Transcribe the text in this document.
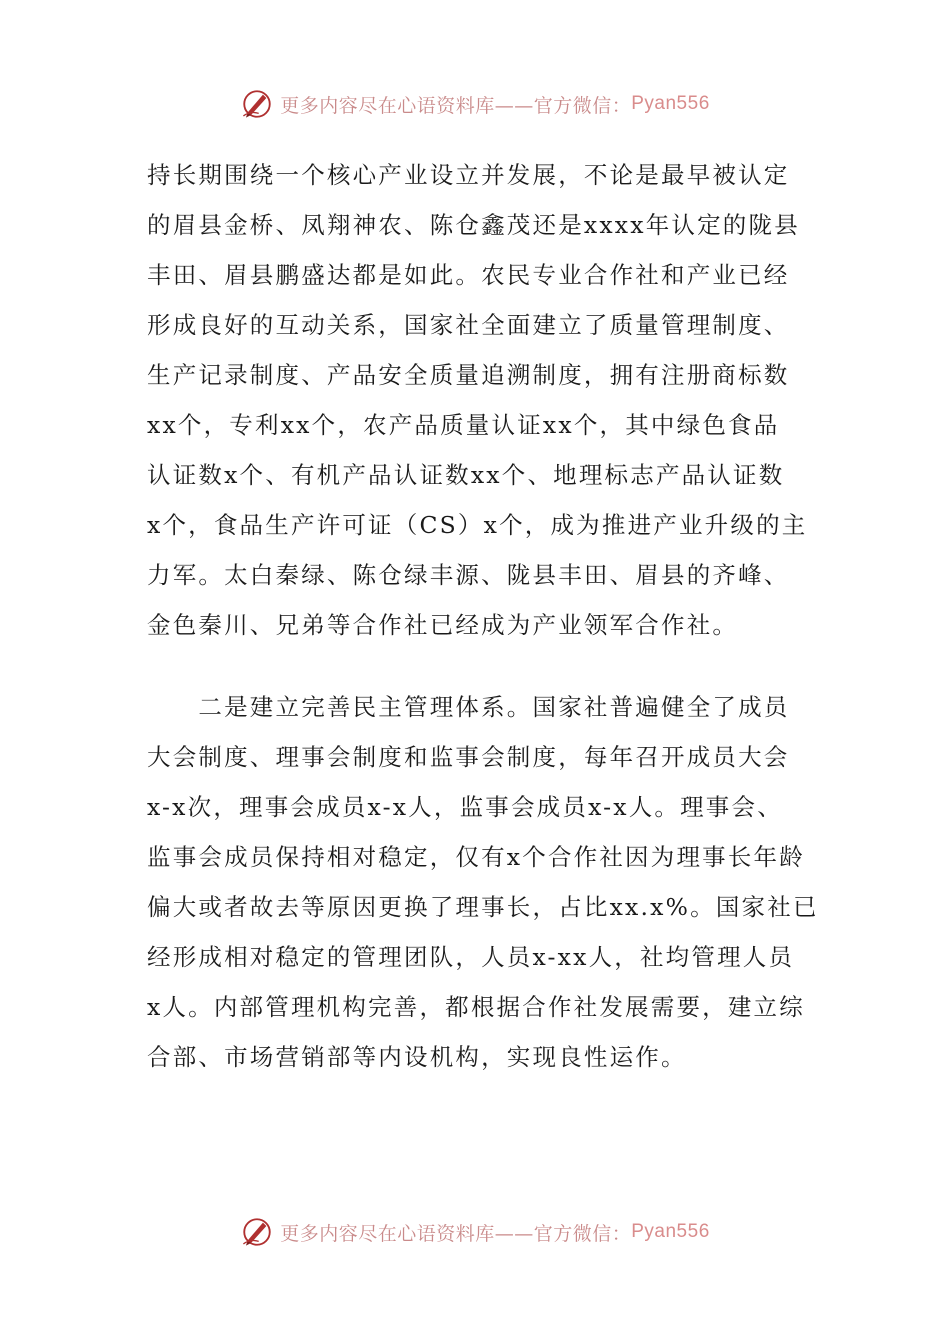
更多内容尽在心语资料库——官方微信： Pyan556
持长期围绕一个核心产业设立并发展，不论是最早被认定
的眉县金桥、凤翔神农、陈仓鑫茂还是xxxx年认定的陇县
丰田、眉县鹏盛达都是如此。农民专业合作社和产业已经
形成良好的互动关系，国家社全面建立了质量管理制度、
生产记录制度、产品安全质量追溯制度，拥有注册商标数
xx个，专利xx个，农产品质量认证xx个，其中绿色食品
认证数x个、有机产品认证数xx个、地理标志产品认证数
x个，食品生产许可证（CS）x个，成为推进产业升级的主
力军。太白秦绿、陈仓绿丰源、陇县丰田、眉县的齐峰、
金色秦川、兄弟等合作社已经成为产业领军合作社。
　　二是建立完善民主管理体系。国家社普遍健全了成员
大会制度、理事会制度和监事会制度，每年召开成员大会
x-x次，理事会成员x-x人，监事会成员x-x人。理事会、
监事会成员保持相对稳定，仅有x个合作社因为理事长年龄
偏大或者故去等原因更换了理事长，占比xx.x%。国家社已
经形成相对稳定的管理团队，人员x-xx人，社均管理人员
x人。内部管理机构完善，都根据合作社发展需要，建立综
合部、市场营销部等内设机构，实现良性运作。
更多内容尽在心语资料库——官方微信： Pyan556
